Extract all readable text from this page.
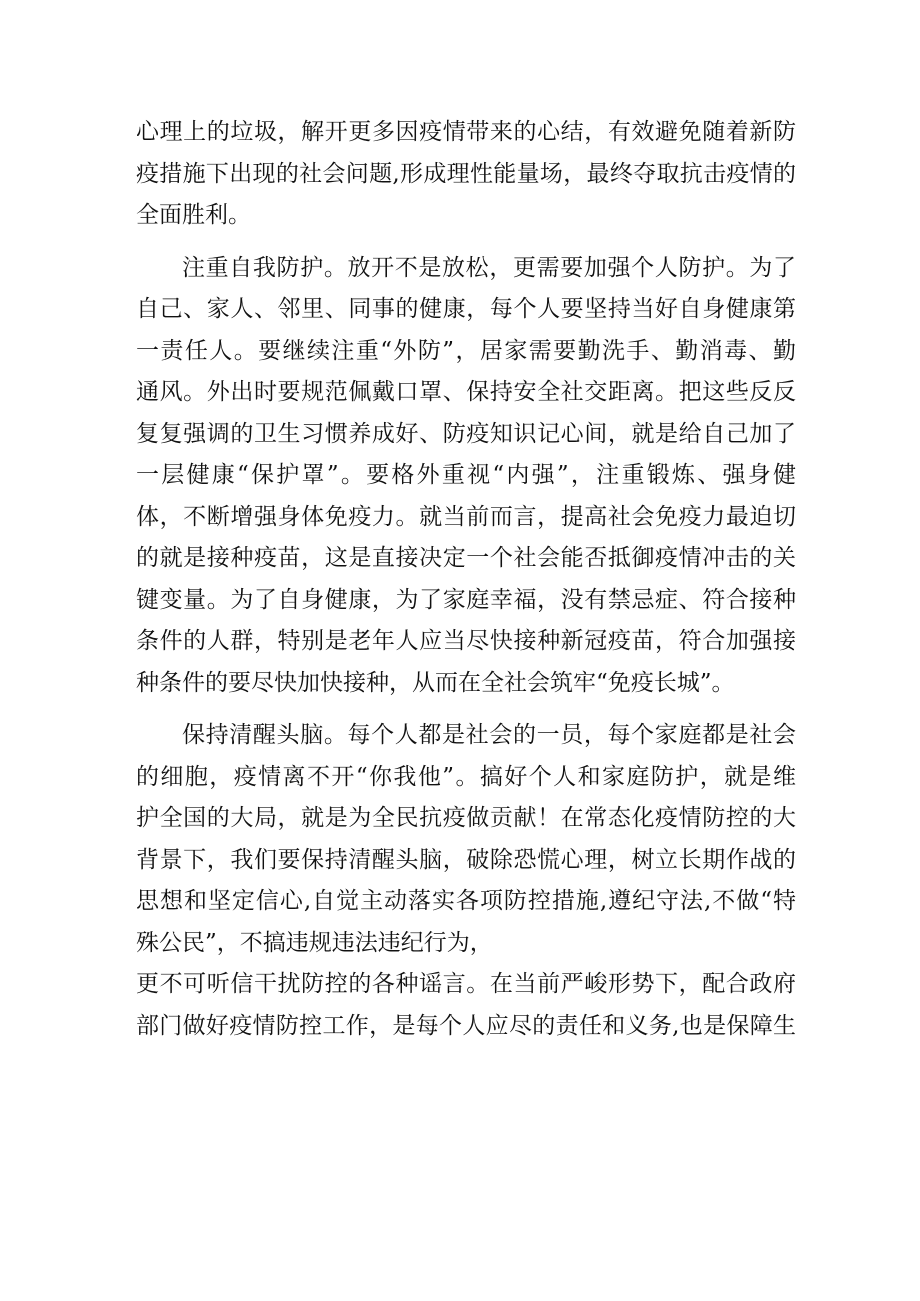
心理上的垃圾，解开更多因疫情带来的心结，有效避免随着新防
疫措施下出现的社会问题,形成理性能量场，最终夺取抗击疫情的
全面胜利。
注重自我防护。放开不是放松，更需要加强个人防护。为了
自己、家人、邻里、同事的健康，每个人要坚持当好自身健康第
一责任人。要继续注重“外防”，居家需要勤洗手、勤消毒、勤
通风。外出时要规范佩戴口罩、保持安全社交距离。把这些反反
复复强调的卫生习惯养成好、防疫知识记心间，就是给自己加了
一层健康“保护罩”。要格外重视“内强”，注重锻炼、强身健
体，不断增强身体免疫力。就当前而言，提高社会免疫力最迫切
的就是接种疫苗，这是直接决定一个社会能否抵御疫情冲击的关
键变量。为了自身健康，为了家庭幸福，没有禁忌症、符合接种
条件的人群，特别是老年人应当尽快接种新冠疫苗，符合加强接
种条件的要尽快加快接种，从而在全社会筑牢“免疫长城”。
保持清醒头脑。每个人都是社会的一员，每个家庭都是社会
的细胞，疫情离不开“你我他”。搞好个人和家庭防护，就是维
护全国的大局，就是为全民抗疫做贡献！在常态化疫情防控的大
背景下，我们要保持清醒头脑，破除恐慌心理，树立长期作战的
思想和坚定信心,自觉主动落实各项防控措施,遵纪守法,不做“特
殊公民”，不搞违规违法违纪行为，
更不可听信干扰防控的各种谣言。在当前严峻形势下，配合政府
部门做好疫情防控工作，是每个人应尽的责任和义务,也是保障生
